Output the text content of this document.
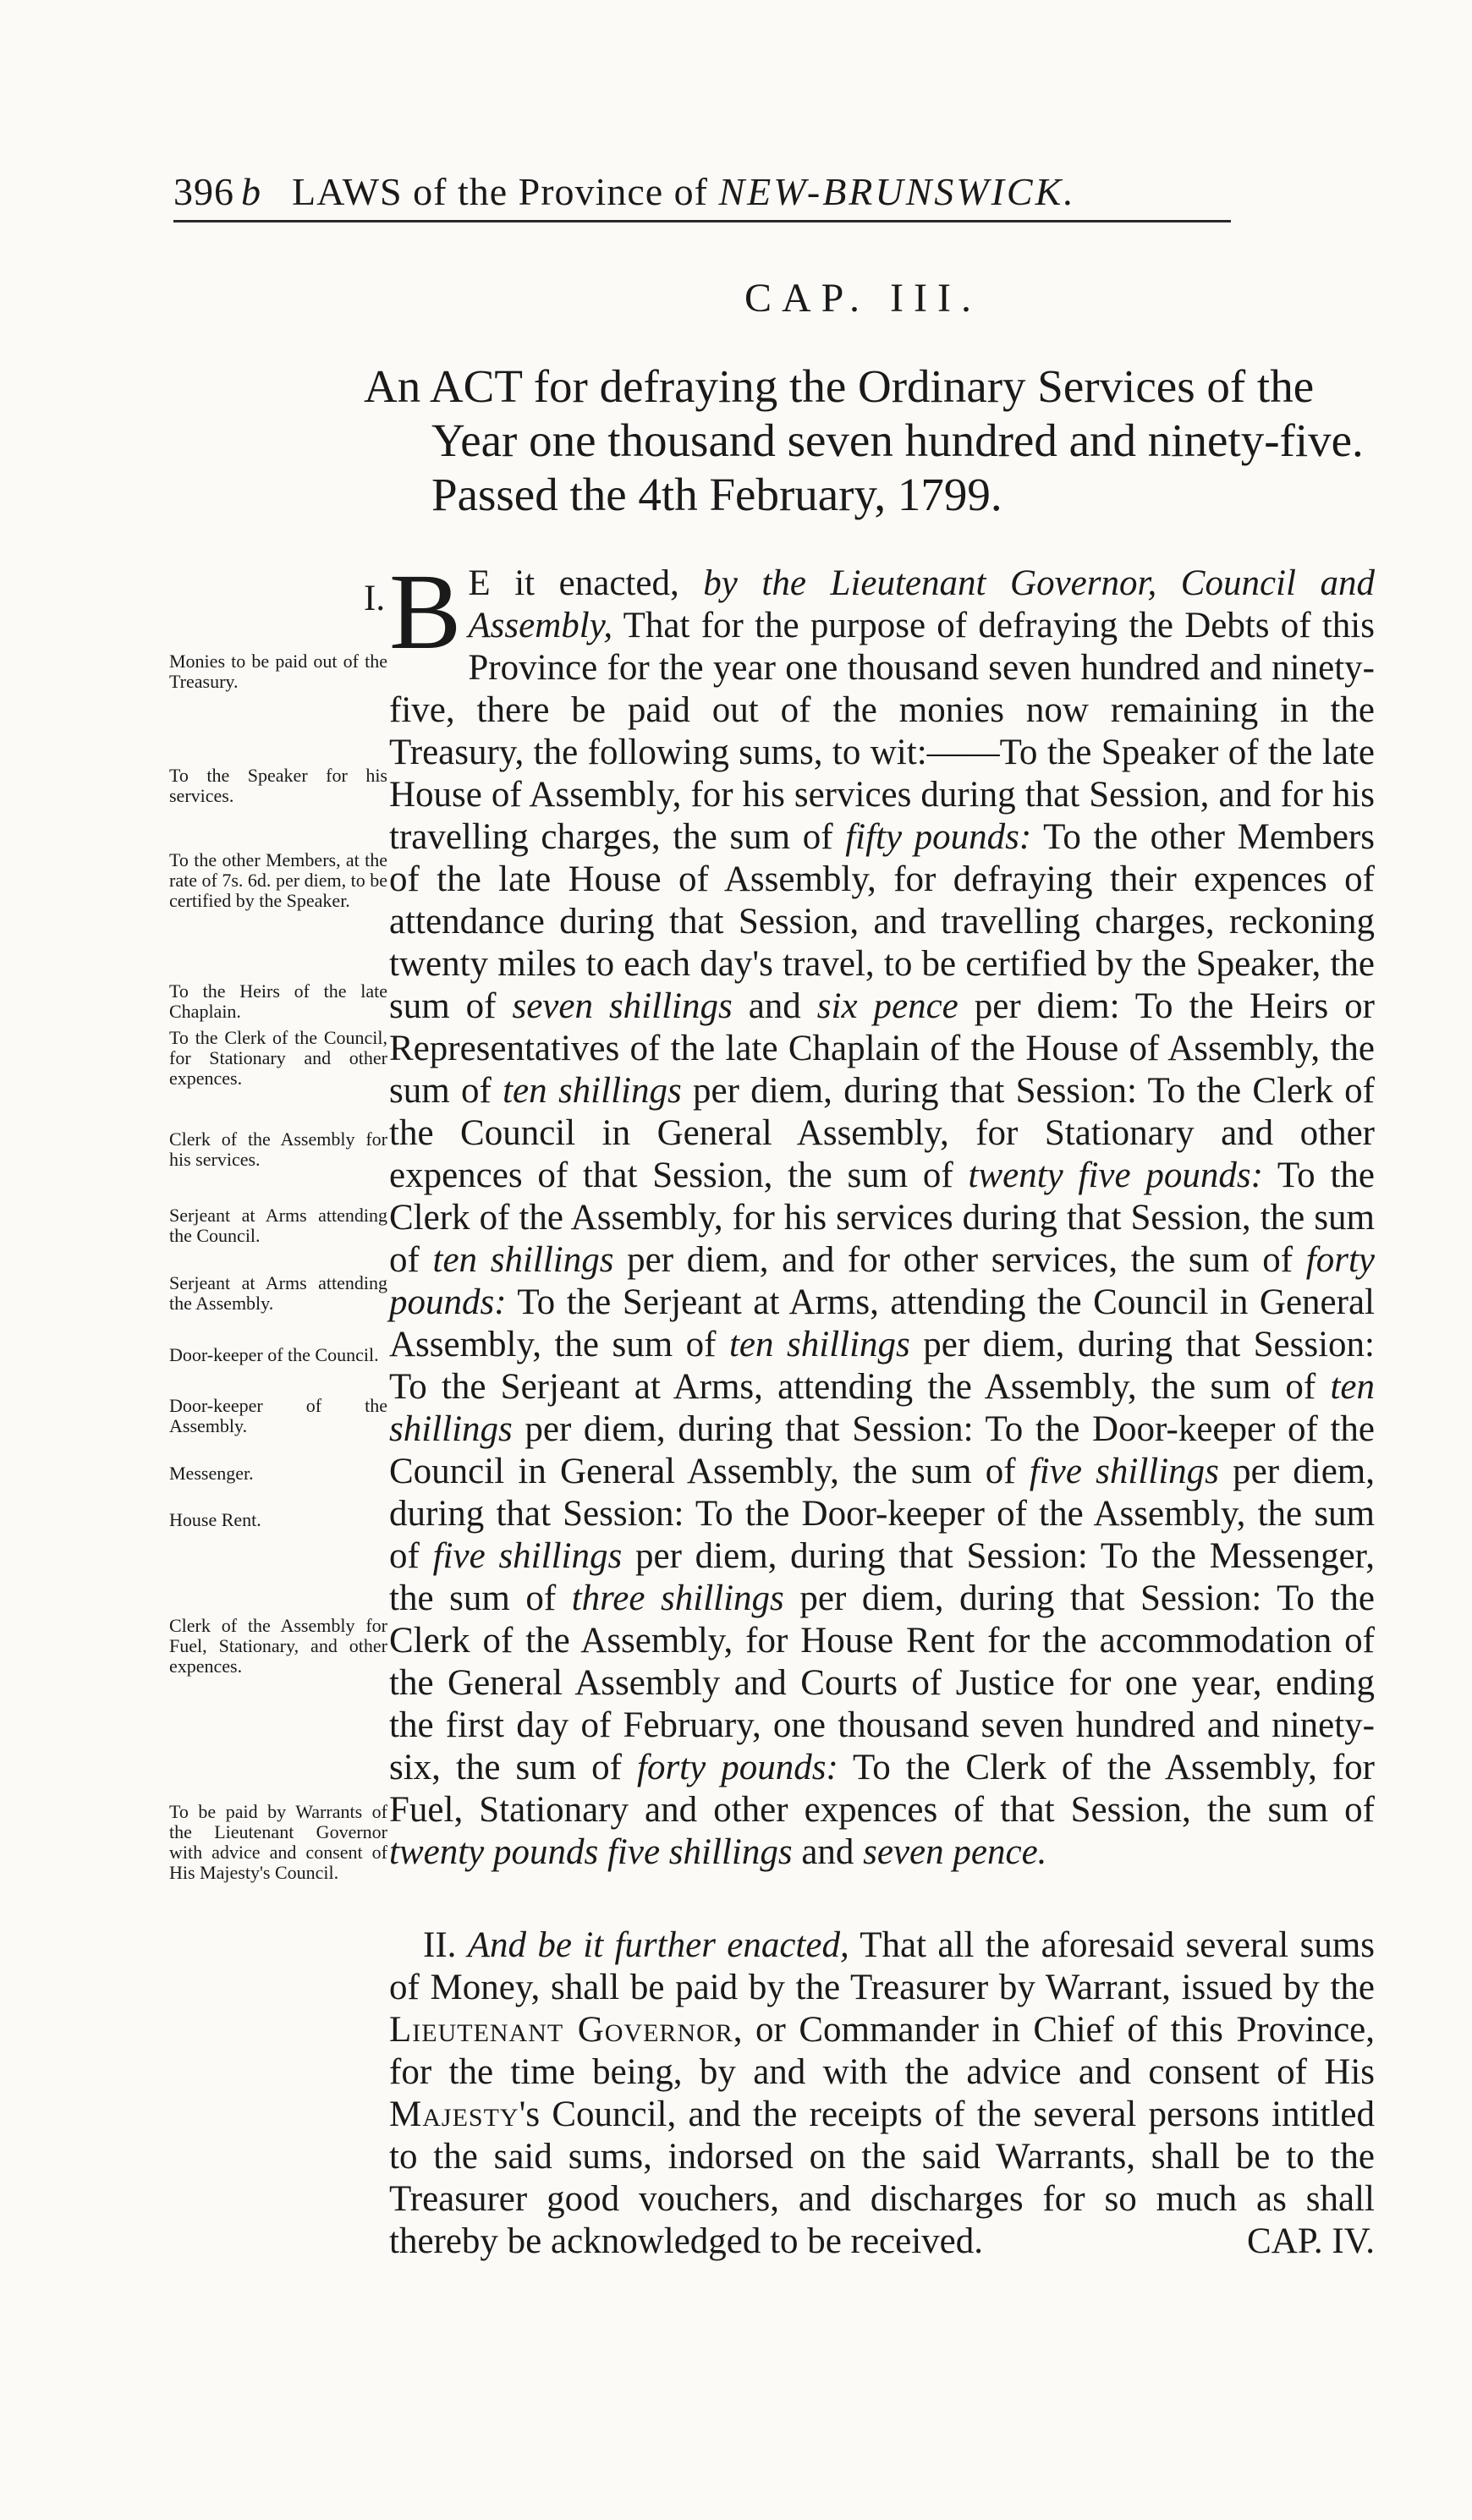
396 b LAWS of the Province of NEW-BRUNSWICK.
CAP. III.
An ACT for defraying the Ordinary Services of the
Year one thousand seven hundred and ninety-five.
Passed the 4th February, 1799.
Monies to be paid out of the Treasury.
To the Speaker for his services.
To the other Members, at the rate of 7s. 6d. per diem, to be certified by the Speaker.
To the Heirs of the late Chaplain.
To the Clerk of the Council, for Stationary and other expences.
Clerk of the Assembly for his services.
Serjeant at Arms attending the Council.
Serjeant at Arms attending the Assembly.
Door-keeper of the Council.
Door-keeper of the Assembly.
Messenger.
House Rent.
Clerk of the Assembly for Fuel, Stationary, and other expences.
To be paid by Warrants of the Lieutenant Governor with advice and consent of His Majesty's Council.

I. B E it enacted, by the Lieutenant Governor, Council and Assembly, That for the purpose of defraying the Debts of this Province for the year one thousand seven hundred and ninety-five, there be paid out of the monies now remaining in the Treasury, the following sums, to wit:——To the Speaker of the late House of Assembly, for his services during that Session, and for his travelling charges, the sum of fifty pounds: To the other Members of the late House of Assembly, for defraying their expences of attendance during that Session, and travelling charges, reckoning twenty miles to each day's travel, to be certified by the Speaker, the sum of seven shillings and six pence per diem: To the Heirs or Representatives of the late Chaplain of the House of Assembly, the sum of ten shillings per diem, during that Session: To the Clerk of the Council in General Assembly, for Stationary and other expences of that Session, the sum of twenty five pounds: To the Clerk of the Assembly, for his services during that Session, the sum of ten shillings per diem, and for other services, the sum of forty pounds: To the Serjeant at Arms, attending the Council in General Assembly, the sum of ten shillings per diem, during that Session: To the Serjeant at Arms, attending the Assembly, the sum of ten shillings per diem, during that Session: To the Door-keeper of the Council in General Assembly, the sum of five shillings per diem, during that Session: To the Door-keeper of the Assembly, the sum of five shillings per diem, during that Session: To the Messenger, the sum of three shillings per diem, during that Session: To the Clerk of the Assembly, for House Rent for the accommodation of the General Assembly and Courts of Justice for one year, ending the first day of February, one thousand seven hundred and ninety-six, the sum of forty pounds: To the Clerk of the Assembly, for Fuel, Stationary and other expences of that Session, the sum of twenty pounds five shillings and seven pence.

II. And be it further enacted, That all the aforesaid several sums of Money, shall be paid by the Treasurer by Warrant, issued by the Lieutenant Governor, or Commander in Chief of this Province, for the time being, by and with the advice and consent of His Majesty's Council, and the receipts of the several persons intitled to the said sums, indorsed on the said Warrants, shall be to the Treasurer good vouchers, and discharges for so much as shall thereby be acknowledged to be received.	CAP. IV.
